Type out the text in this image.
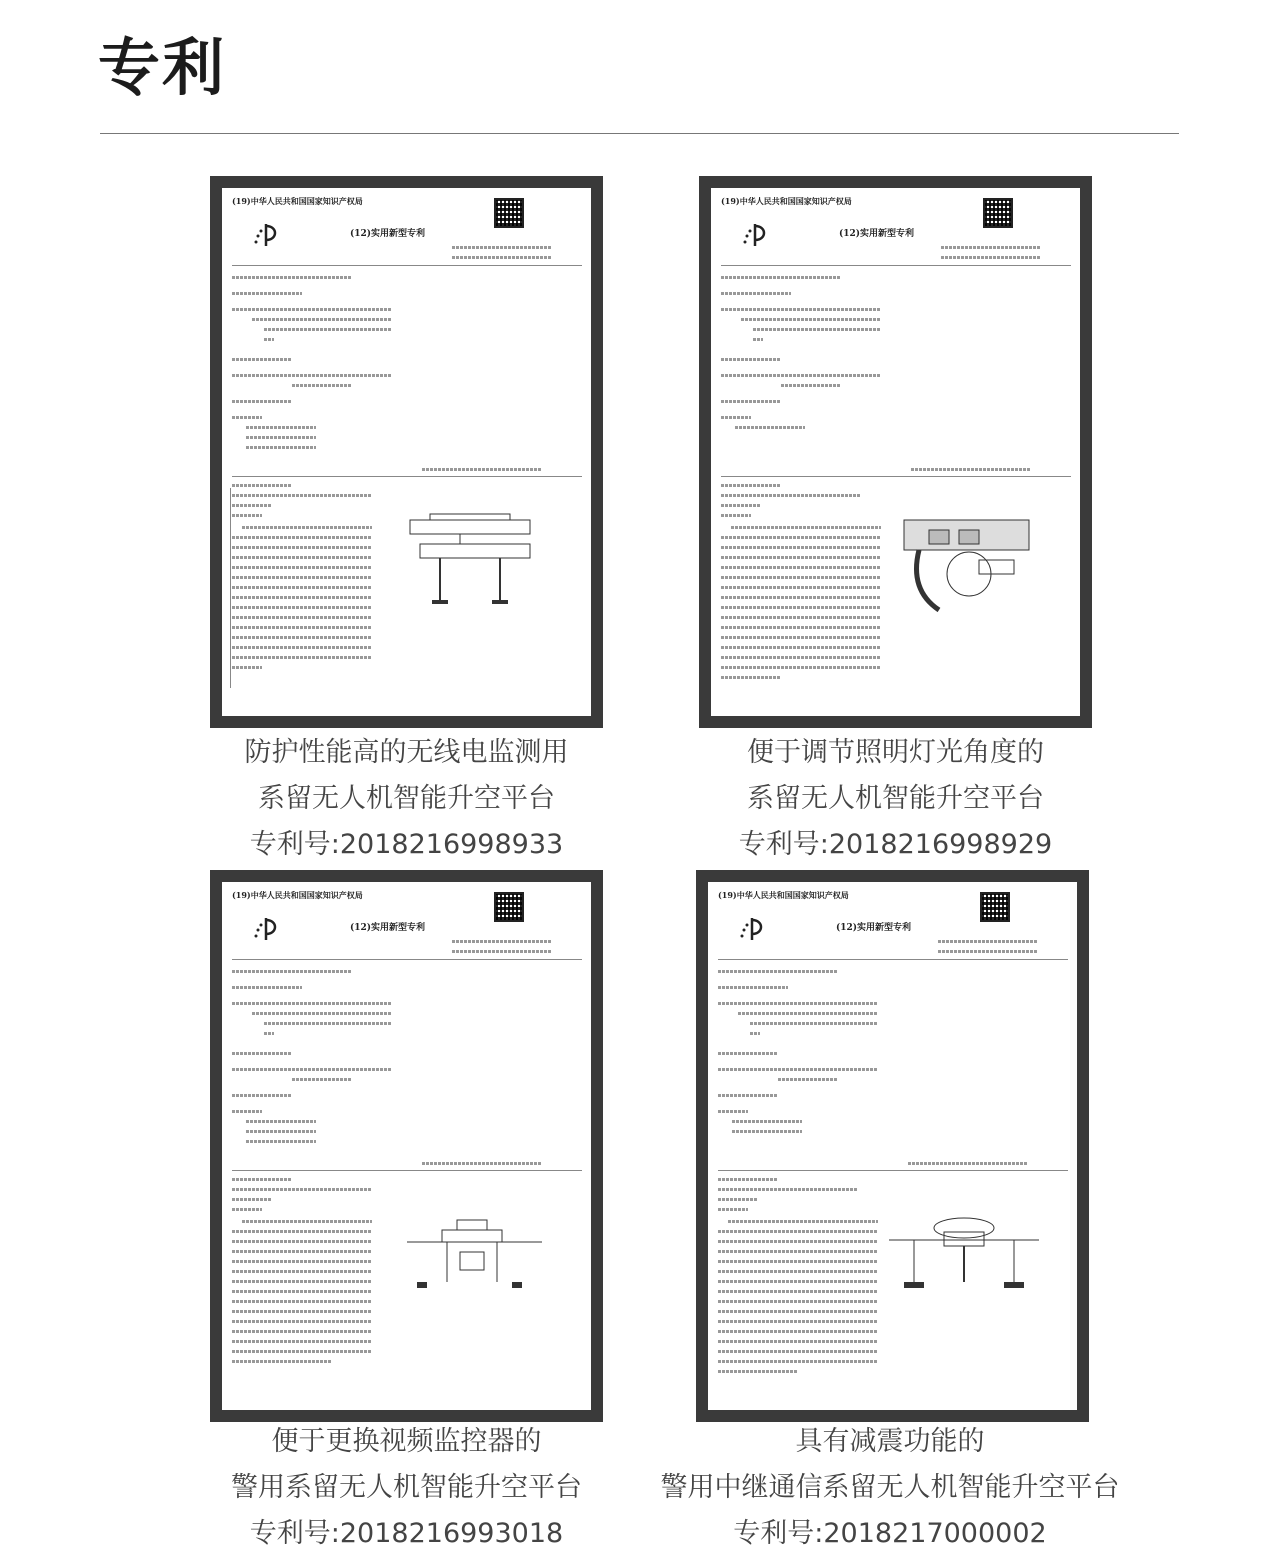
专利
(19)中华人民共和国国家知识产权局
(12)实用新型专利
防护性能高的无线电监测用
系留无人机智能升空平台
专利号:2018216998933
(19)中华人民共和国国家知识产权局
(12)实用新型专利
便于调节照明灯光角度的
系留无人机智能升空平台
专利号:2018216998929
(19)中华人民共和国国家知识产权局
(12)实用新型专利
便于更换视频监控器的
警用系留无人机智能升空平台
专利号:2018216993018
(19)中华人民共和国国家知识产权局
(12)实用新型专利
具有减震功能的
警用中继通信系留无人机智能升空平台
专利号:2018217000002
